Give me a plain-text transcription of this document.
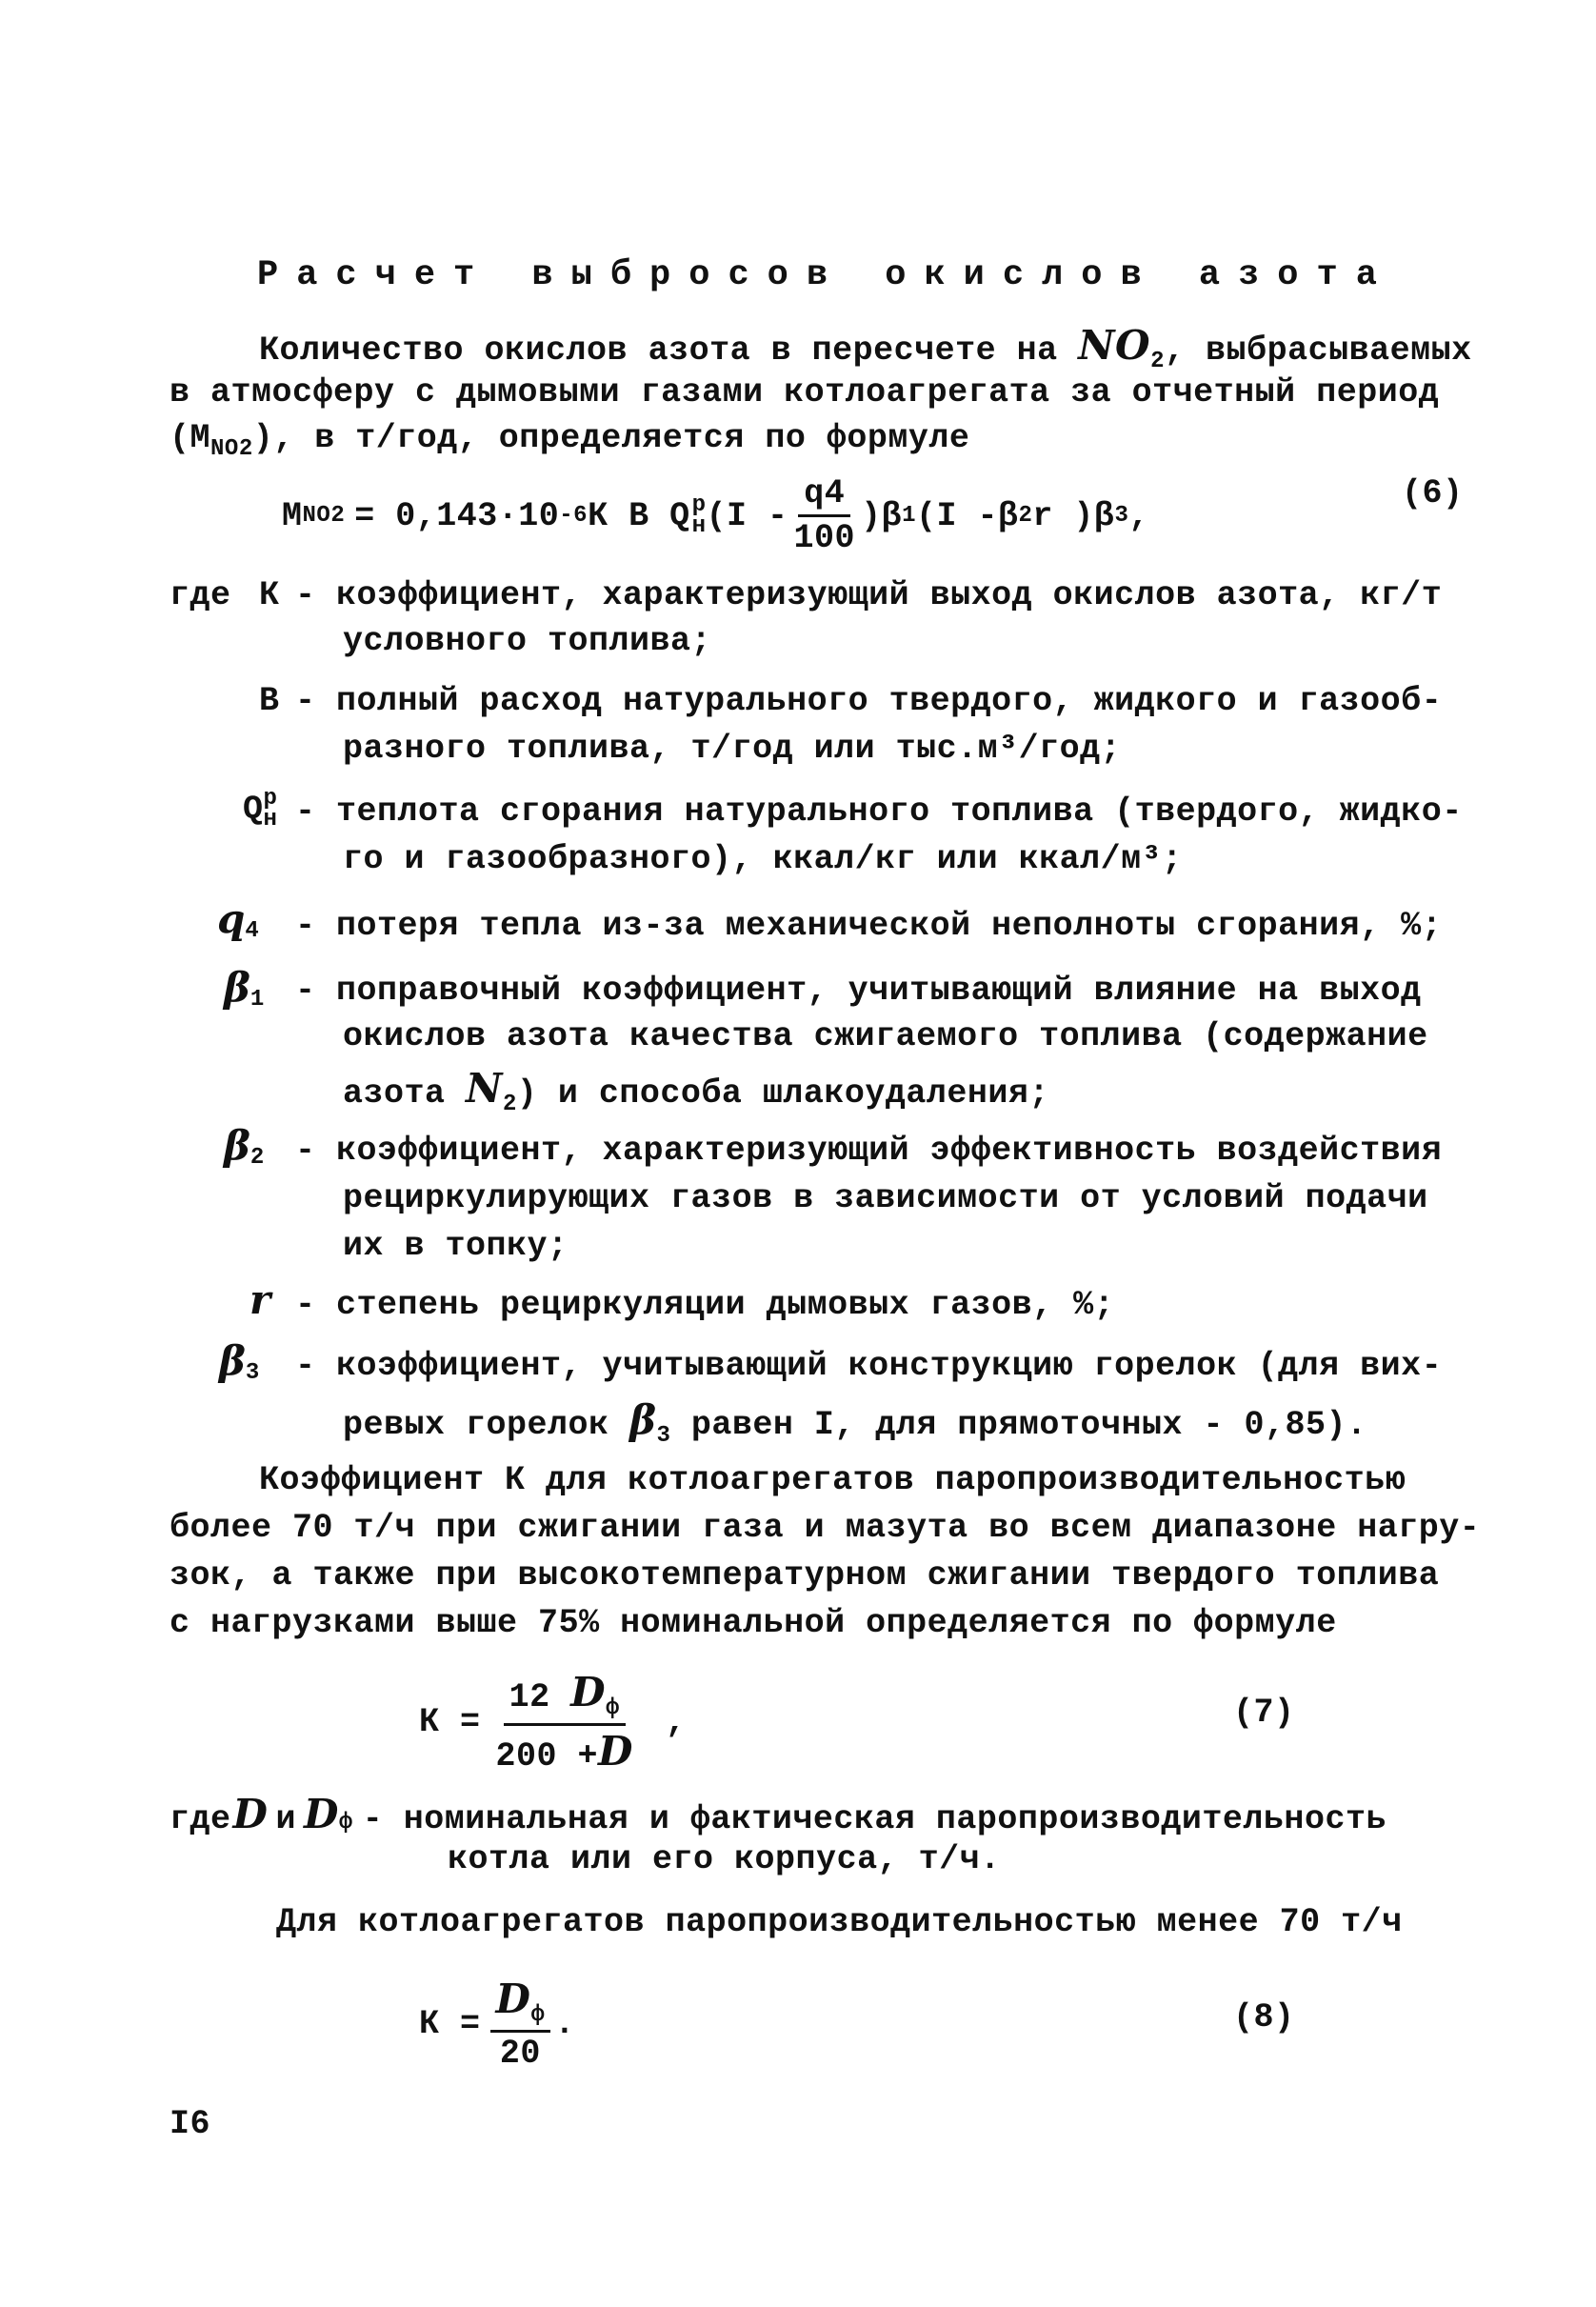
Расчет выбросов окислов азота
Количество окислов азота в пересчете на $NO_2$, выбрасываемых
в атмосферу с дымовыми газами котлоагрегата за отчетный период
$(M_{NO2})$, в т/год, определяется по формуле
M NO2 = 0,143·10 -6 К В Q р
н $(I - \frac{q4}{100} )\beta$ 1 (I -β 2 r )β 3 ,
(6)
где К - коэффициент, характеризующий выход окислов азота, кг/т
условного топлива;
В - полный расход натурального твердого, жидкого и газооб-
разного топлива, т/год или тыс.м³/год;
Q р
н - теплота сгорания натурального топлива (твердого, жидко-
го и газообразного), ккал/кг или ккал/м³;
$q_4$ - потеря тепла из-за механической неполноты сгорания, %;
$\beta_1$ - поправочный коэффициент, учитывающий влияние на выход
окислов азота качества сжигаемого топлива (содержание
азота $N_2$) и способа шлакоудаления;
$\beta_2$ - коэффициент, характеризующий эффективность воздействия
рециркулирующих газов в зависимости от условий подачи
их в топку;
r - степень рециркуляции дымовых газов, %;
$\beta_3$ - коэффициент, учитывающий конструкцию горелок (для вих-
ревых горелок $\beta_3$ равен I, для прямоточных - 0,85).
Коэффициент К для котлоагрегатов паропроизводительностью
более 70 т/ч при сжигании газа и мазута во всем диапазоне нагру-
зок, а также при высокотемпературном сжигании твердого топлива
с нагрузками выше 75% номинальной определяется по формуле
$К = \frac{12 D_ф}{200 +D}$ ,	(7)
где D и $D_ф$ - номинальная и фактическая паропроизводительность
котла или его корпуса, т/ч.
Для котлоагрегатов паропроизводительностью менее 70 т/ч
$К = \frac{D_ф}{20}$ .	(8)
I6
